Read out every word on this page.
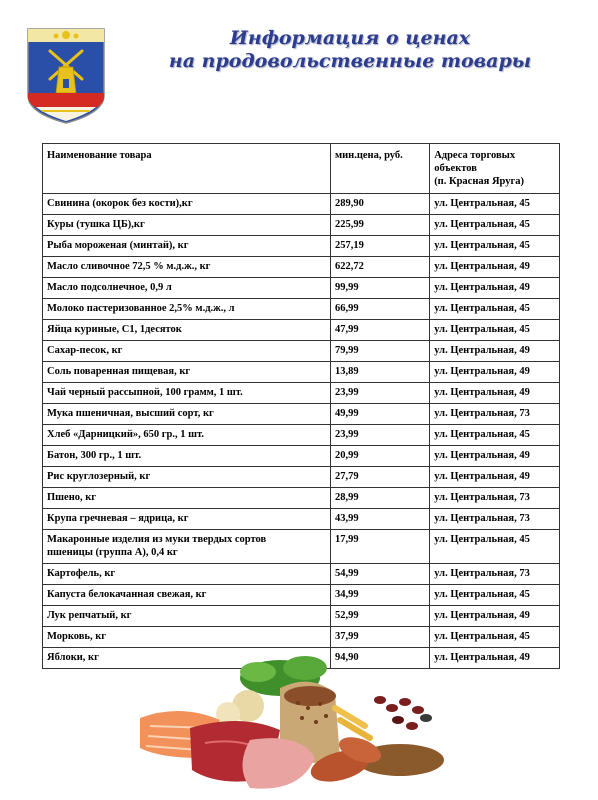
Информация о ценах
на продовольственные товары
Наименование товара	мин.цена, руб.	Адреса торговых
объектов
(п. Красная Яруга)

Свинина (окорок без кости),кг	289,90	ул. Центральная, 45

Куры (тушка ЦБ),кг	225,99	ул. Центральная, 45

Рыба мороженая (минтай), кг	257,19	ул. Центральная, 45

Масло сливочное 72,5 % м.д.ж., кг	622,72	ул. Центральная, 49

Масло подсолнечное, 0,9 л	99,99	ул. Центральная, 49

Молоко пастеризованное 2,5% м.д.ж., л	66,99	ул. Центральная, 45

Яйца куриные, С1, 1десяток	47,99	ул. Центральная, 45

Сахар-песок, кг	79,99	ул. Центральная, 49

Соль поваренная пищевая, кг	13,89	ул. Центральная, 49

Чай черный рассыпной, 100 грамм, 1 шт.	23,99	ул. Центральная, 49

Мука пшеничная, высший сорт, кг	49,99	ул. Центральная, 73

Хлеб «Дарницкий», 650 гр., 1 шт.	23,99	ул. Центральная, 45

Батон, 300 гр., 1 шт.	20,99	ул. Центральная, 49

Рис круглозерный, кг	27,79	ул. Центральная, 49

Пшено, кг	28,99	ул. Центральная, 73

Крупа гречневая – ядрица, кг	43,99	ул. Центральная, 73

Макаронные изделия из муки твердых сортов
пшеницы (группа А), 0,4 кг	17,99	ул. Центральная, 45

Картофель, кг	54,99	ул. Центральная, 73

Капуста белокачанная свежая, кг	34,99	ул. Центральная, 45

Лук репчатый, кг	52,99	ул. Центральная, 49

Морковь, кг	37,99	ул. Центральная, 45

Яблоки, кг	94,90	ул. Центральная, 49
